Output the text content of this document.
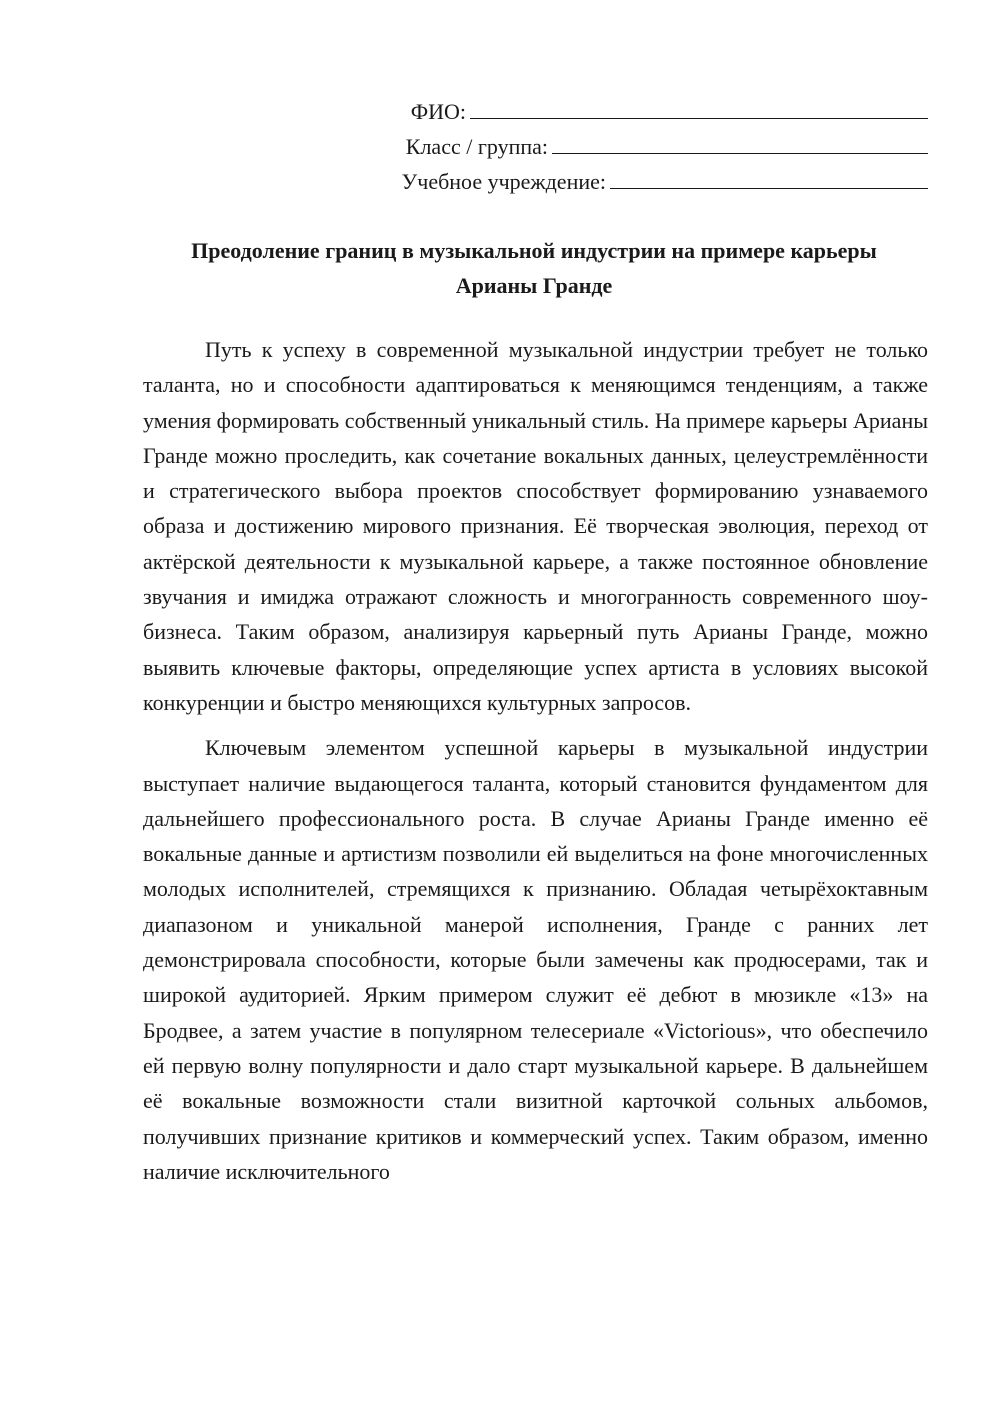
ФИО:
Класс / группа:
Учебное учреждение:
Преодоление границ в музыкальной индустрии на примере карьеры
Арианы Гранде

Путь к успеху в современной музыкальной индустрии требует не только таланта, но и способности адаптироваться к меняющимся тенденциям, а также умения формировать собственный уникальный стиль. На примере карьеры Арианы Гранде можно проследить, как сочетание вокальных данных, целеустремлённости и стратегического выбора проектов способствует формированию узнаваемого образа и достижению мирового признания. Её творческая эволюция, переход от актёрской деятельности к музыкальной карьере, а также постоянное обновление звучания и имиджа отражают сложность и многогранность современного шоу-бизнеса. Таким образом, анализируя карьерный путь Арианы Гранде, можно выявить ключевые факторы, определяющие успех артиста в условиях высокой конкуренции и быстро меняющихся культурных запросов.

Ключевым элементом успешной карьеры в музыкальной индустрии выступает наличие выдающегося таланта, который становится фундаментом для дальнейшего профессионального роста. В случае Арианы Гранде именно её вокальные данные и артистизм позволили ей выделиться на фоне многочисленных молодых исполнителей, стремящихся к признанию. Обладая четырёхоктавным диапазоном и уникальной манерой исполнения, Гранде с ранних лет демонстрировала способности, которые были замечены как продюсерами, так и широкой аудиторией. Ярким примером служит её дебют в мюзикле «13» на Бродвее, а затем участие в популярном телесериале «Victorious», что обеспечило ей первую волну популярности и дало старт музыкальной карьере. В дальнейшем её вокальные возможности стали визитной карточкой сольных альбомов, получивших признание критиков и коммерческий успех. Таким образом, именно наличие исключительного
